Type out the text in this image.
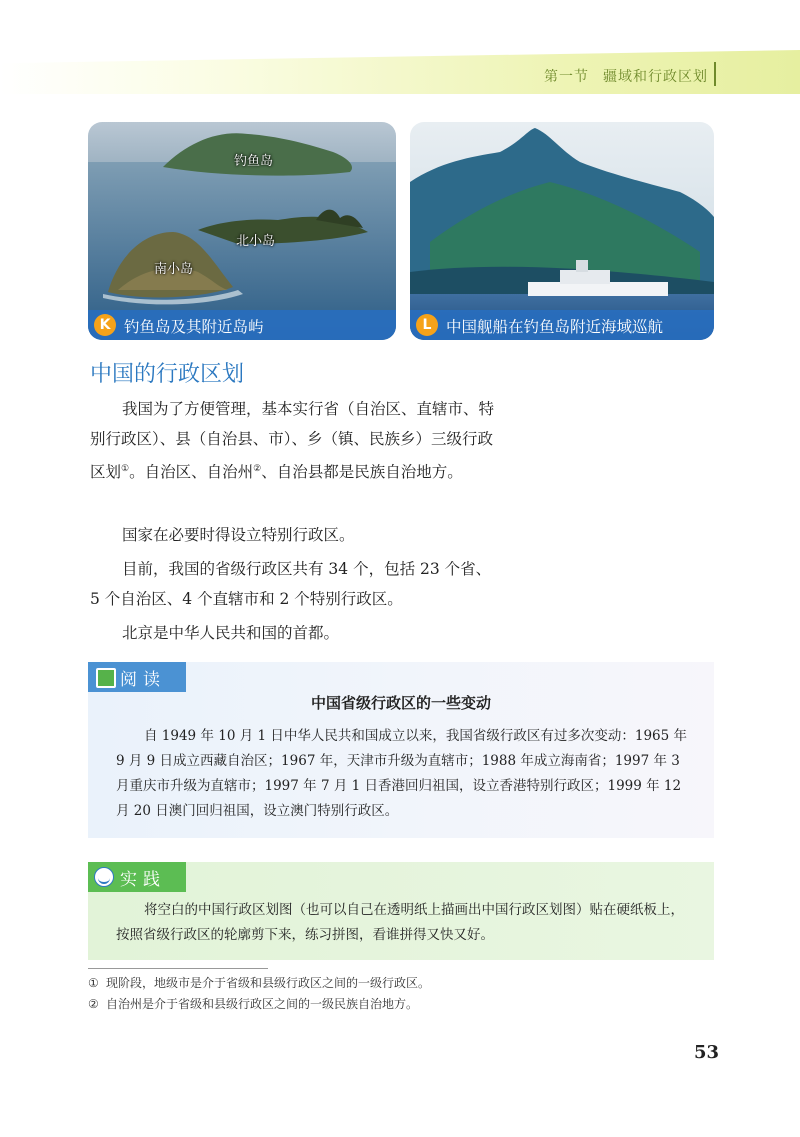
第一节 疆域和行政区划
钓鱼岛
北小岛
南小岛
K 钓鱼岛及其附近岛屿	L 中国舰船在钓鱼岛附近海域巡航
中国的行政区划

我国为了方便管理，基本实行省（自治区、直辖市、特别行政区）、县（自治县、市）、乡（镇、民族乡）三级行政区划①。自治区、自治州②、自治县都是民族自治地方。

国家在必要时得设立特别行政区。

目前，我国的省级行政区共有 34 个，包括 23 个省、5 个自治区、4 个直辖市和 2 个特别行政区。

北京是中华人民共和国的首都。

阅读
中国省级行政区的一些变动

自 1949 年 10 月 1 日中华人民共和国成立以来，我国省级行政区有过多次变动：1965 年 9 月 9 日成立西藏自治区；1967 年，天津市升级为直辖市；1988 年成立海南省；1997 年 3 月重庆市升级为直辖市；1997 年 7 月 1 日香港回归祖国，设立香港特别行政区；1999 年 12 月 20 日澳门回归祖国，设立澳门特别行政区。

实践

将空白的中国行政区划图（也可以自己在透明纸上描画出中国行政区划图）贴在硬纸板上，按照省级行政区的轮廓剪下来，练习拼图，看谁拼得又快又好。

① 现阶段，地级市是介于省级和县级行政区之间的一级行政区。
② 自治州是介于省级和县级行政区之间的一级民族自治地方。
53
